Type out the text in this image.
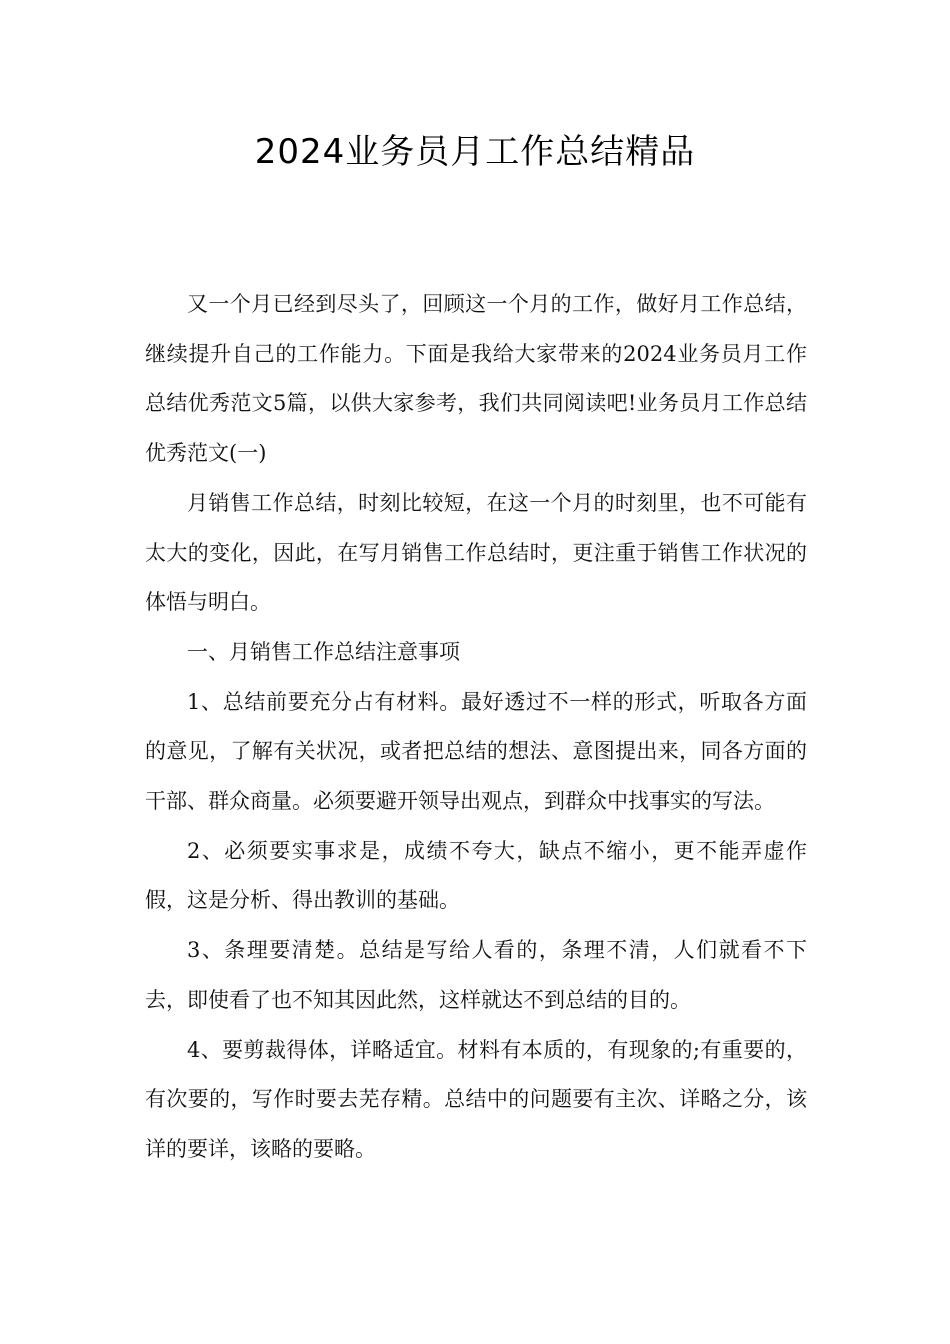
2024业务员月工作总结精品

又一个月已经到尽头了，回顾这一个月的工作，做好月工作总结，继续提升自己的工作能力。下面是我给大家带来的2024业务员月工作总结优秀范文5篇，以供大家参考，我们共同阅读吧!业务员月工作总结优秀范文(一)

月销售工作总结，时刻比较短，在这一个月的时刻里，也不可能有太大的变化，因此，在写月销售工作总结时，更注重于销售工作状况的体悟与明白。

一、月销售工作总结注意事项

1、总结前要充分占有材料。最好透过不一样的形式，听取各方面的意见，了解有关状况，或者把总结的想法、意图提出来，同各方面的干部、群众商量。必须要避开领导出观点，到群众中找事实的写法。

2、必须要实事求是，成绩不夸大，缺点不缩小，更不能弄虚作假，这是分析、得出教训的基础。

3、条理要清楚。总结是写给人看的，条理不清，人们就看不下去，即使看了也不知其因此然，这样就达不到总结的目的。

4、要剪裁得体，详略适宜。材料有本质的，有现象的;有重要的，有次要的，写作时要去芜存精。总结中的问题要有主次、详略之分，该详的要详，该略的要略。
